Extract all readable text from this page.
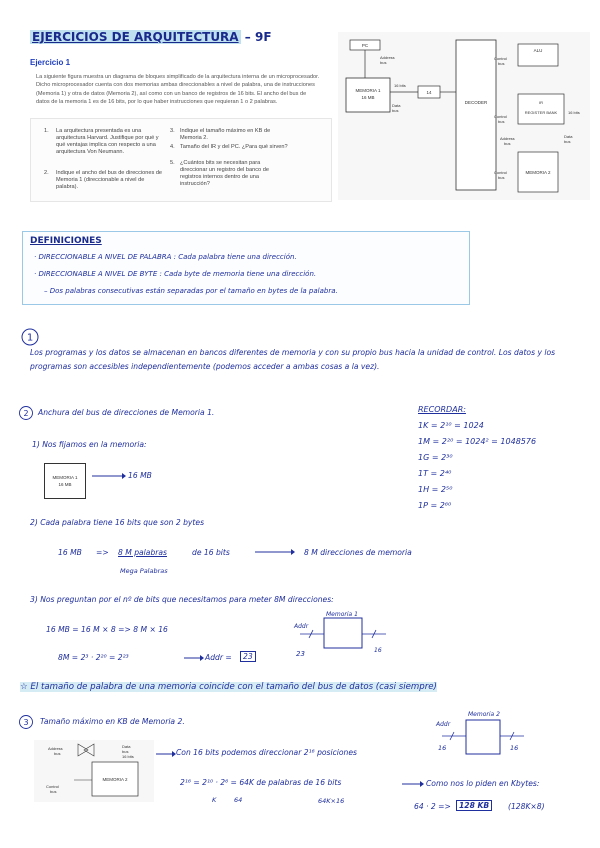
EJERCICIOS DE ARQUITECTURA – 9F
Ejercicio 1
La siguiente figura muestra un diagrama de bloques simplificado de la arquitectura interna de un microprocesador. Dicho microprocesador cuenta con dos memorias ambas direccionables a nivel de palabra, una de instrucciones (Memoria 1) y otra de datos (Memoria 2), así como con un banco de registros de 16 bits. El ancho del bus de datos de la memoria 1 es de 16 bits, por lo que haber instrucciones que requieran 1 o 2 palabras.
1.	La arquitectura presentada es una arquitectura Harvard. Justifique por qué y qué ventajas implica con respecto a una arquitectura Von Neumann.
2.	Indique el ancho del bus de direcciones de Memoria 1 (direccionable a nivel de palabra).
3. Indique el tamaño máximo en KB de Memoria 2.
4. Tamaño del IR y del PC. ¿Para qué sirven?
5. ¿Cuántos bits se necesitan para direccionar un registro del banco de registros internos dentro de una instrucción?
MEMORIA 1
16 MB
PC
Address
bus
16 bits
Data
bus
14
DECODER
Control
bus
Control
bus
Control
bus
ALU
IR
REGISTER BANK	16 bits
MEMORIA 2
Address
bus
Data
bus
DEFINICIONES
· DIRECCIONABLE A NIVEL DE PALABRA : Cada palabra tiene una dirección.
· DIRECCIONABLE A NIVEL DE BYTE : Cada byte de memoria tiene una dirección.
– Dos palabras consecutivas están separadas por el tamaño en bytes de la palabra.
1
Los programas y los datos se almacenan en bancos diferentes de memoria y con su propio bus hacia la unidad de control. Los datos y los programas son accesibles independientemente (podemos acceder a ambas cosas a la vez).
2 Anchura del bus de direcciones de Memoria 1.
1) Nos fijamos en la memoria:
MEMORIA 1
16 MB
16 MB
2) Cada palabra tiene 16 bits que son 2 bytes
16 MB => 8 M palabras	de 16 bits	8 M direcciones de memoria
Mega Palabras
3) Nos preguntan por el nº de bits que necesitamos para meter 8M direcciones:
16 MB = 16 M × 8 => 8 M × 16
8M = 2³ · 2²⁰ = 2²³	Addr =	23
Memoria 1
Addr
23	16
RECORDAR:
1K = 2¹⁰ = 1024
1M = 2²⁰ = 1024² = 1048576
1G = 2³⁰
1T = 2⁴⁰
1H = 2⁵⁰
1P = 2⁶⁰
☆ El tamaño de palabra de una memoria coincide con el tamaño del bus de datos (casi siempre)
3 Tamaño máximo en KB de Memoria 2.
MEMORIA 2
Address
bus
Data
bus
16 bits
Control
bus
Con 16 bits podemos direccionar 2¹⁶ posiciones
2¹⁶ = 2¹⁰ · 2⁶ = 64K de palabras de 16 bits
K	64	64K×16
Como nos lo piden en Kbytes:
64 · 2 =>	128 KB	(128K×8)
Memoria 2
Addr
16	16
